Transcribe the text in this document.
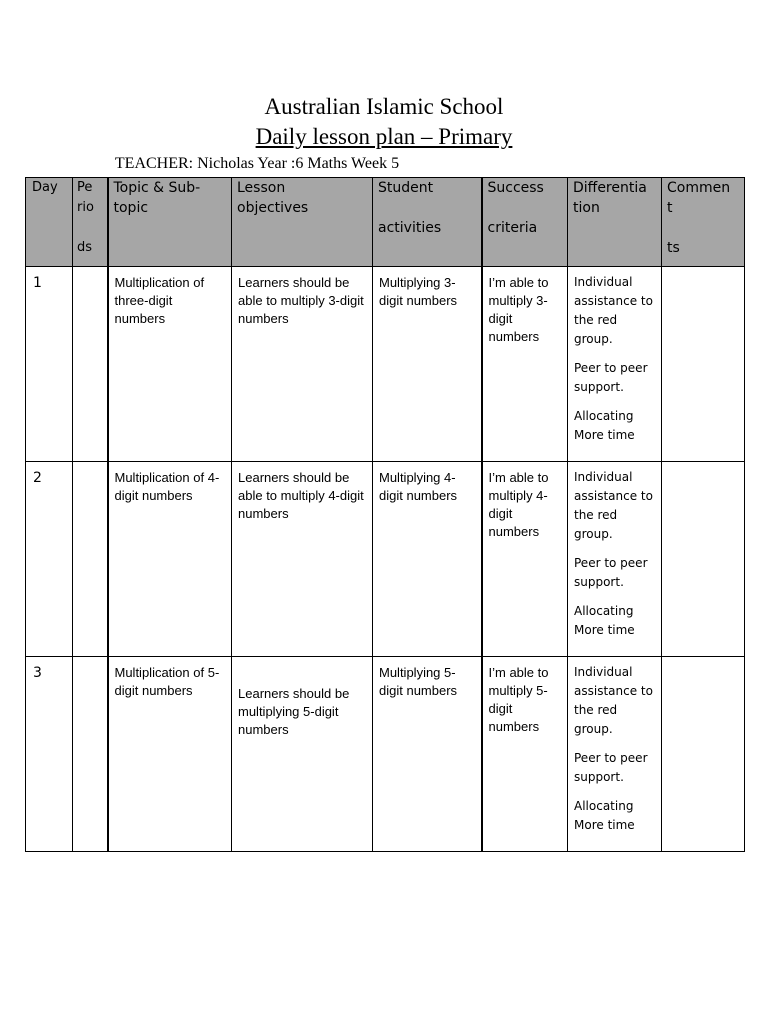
Australian Islamic School
Daily lesson plan – Primary
TEACHER: Nicholas Year :6 Maths Week 5
Day	Pe
rio

ds	Topic & Sub-
topic	Lesson
objectives	Student

activities	Success

criteria	Differentia
tion	Commen
t

ts

1		Multiplication of three-digit numbers	Learners should be able to multiply 3-digit numbers	Multiplying 3-digit numbers	I’m able to multiply 3-digit numbers	Individual assistance to the red group.

Peer to peer support.

Allocating More time	

2		Multiplication of 4-digit numbers	Learners should be able to multiply 4-digit numbers	Multiplying 4-digit numbers	I’m able to multiply 4-digit numbers	Individual assistance to the red group.

Peer to peer support.

Allocating More time	

3		Multiplication of 5-digit numbers	Learners should be multiplying 5-digit numbers	Multiplying 5-digit numbers	I’m able to multiply 5-digit numbers	Individual assistance to the red group.

Peer to peer support.

Allocating More time	
